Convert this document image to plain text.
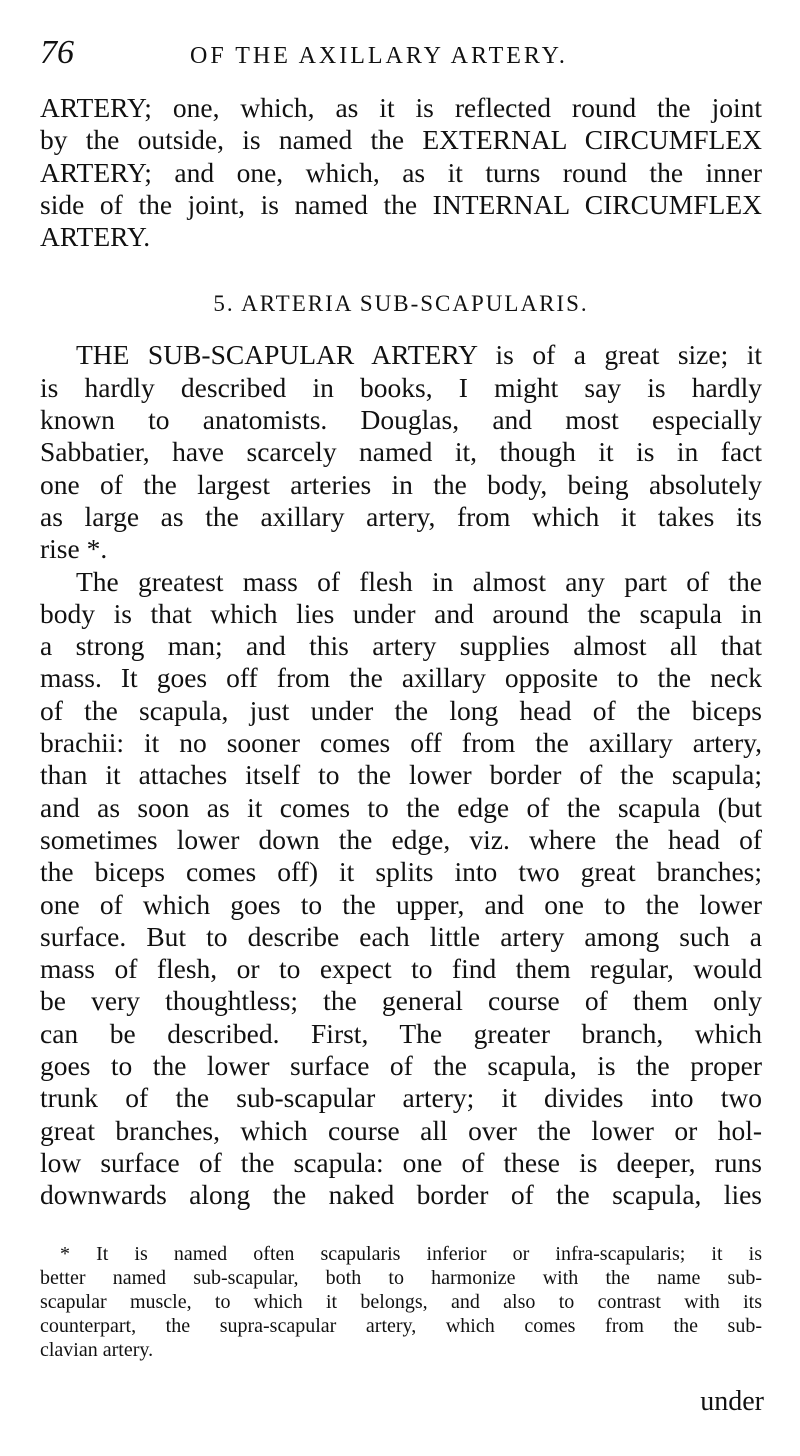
76	OF THE AXILLARY ARTERY.
ARTERY; one, which, as it is reflected round the joint
by the outside, is named the EXTERNAL CIRCUMFLEX
ARTERY; and one, which, as it turns round the inner
side of the joint, is named the INTERNAL CIRCUMFLEX
ARTERY.
5. ARTERIA SUB-SCAPULARIS.
THE SUB-SCAPULAR ARTERY is of a great size; it
is hardly described in books, I might say is hardly
known to anatomists. Douglas, and most especially
Sabbatier, have scarcely named it, though it is in fact
one of the largest arteries in the body, being absolutely
as large as the axillary artery, from which it takes its
rise *.
The greatest mass of flesh in almost any part of the
body is that which lies under and around the scapula in
a strong man; and this artery supplies almost all that
mass. It goes off from the axillary opposite to the neck
of the scapula, just under the long head of the biceps
brachii: it no sooner comes off from the axillary artery,
than it attaches itself to the lower border of the scapula;
and as soon as it comes to the edge of the scapula (but
sometimes lower down the edge, viz. where the head of
the biceps comes off) it splits into two great branches;
one of which goes to the upper, and one to the lower
surface. But to describe each little artery among such a
mass of flesh, or to expect to find them regular, would
be very thoughtless; the general course of them only
can be described. First, The greater branch, which
goes to the lower surface of the scapula, is the proper
trunk of the sub-scapular artery; it divides into two
great branches, which course all over the lower or hol-
low surface of the scapula: one of these is deeper, runs
downwards along the naked border of the scapula, lies
* It is named often scapularis inferior or infra-scapularis; it is
better named sub-scapular, both to harmonize with the name sub-
scapular muscle, to which it belongs, and also to contrast with its
counterpart, the supra-scapular artery, which comes from the sub-
clavian artery.
under
